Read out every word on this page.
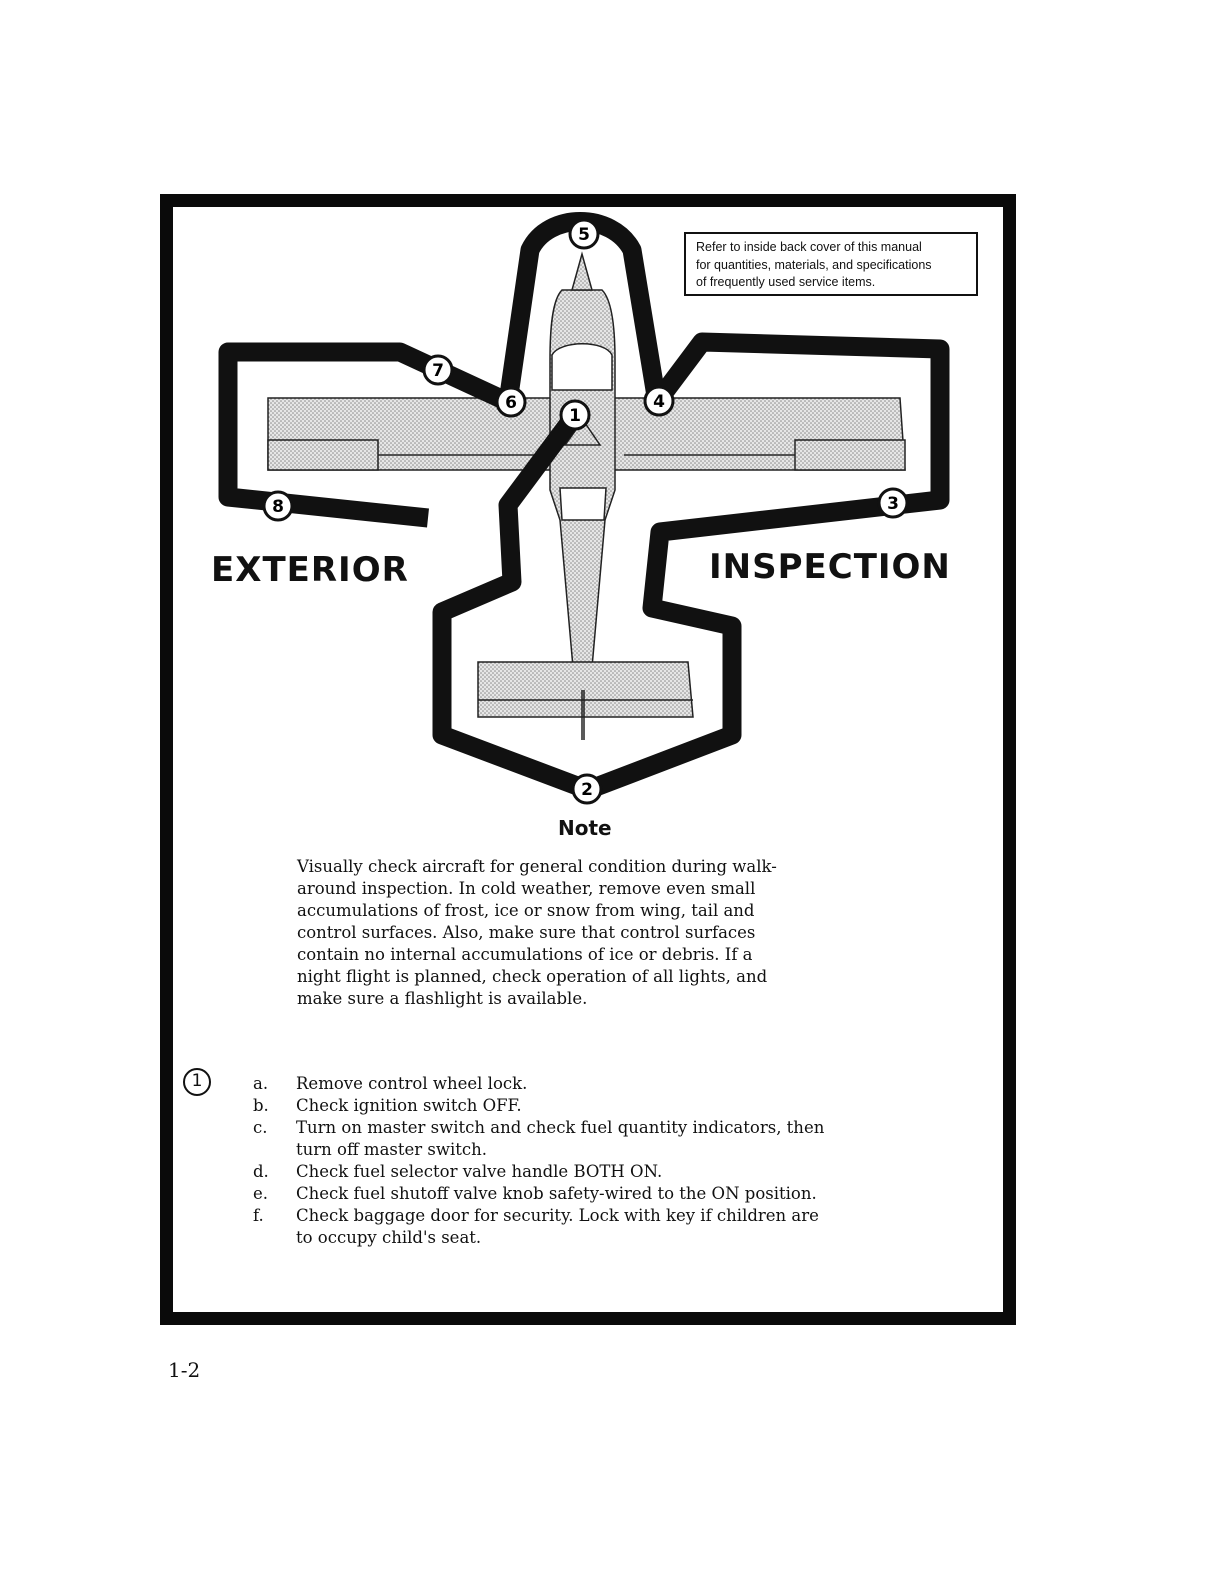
5
7
6
1
4
8	3
2
Refer to inside back cover of this manual
for quantities, materials, and specifications
of frequently used service items.
EXTERIOR	INSPECTION
Note
Visually check aircraft for general condition during walk-
around inspection. In cold weather, remove even small
accumulations of frost, ice or snow from wing, tail and
control surfaces. Also, make sure that control surfaces
contain no internal accumulations of ice or debris. If a
night flight is planned, check operation of all lights, and
make sure a flashlight is available.
1	a.	Remove control wheel lock.
b.	Check ignition switch OFF.
c.	Turn on master switch and check fuel quantity indicators, then
turn off master switch.
d.	Check fuel selector valve handle BOTH ON.
e.	Check fuel shutoff valve knob safety-wired to the ON position.
f.	Check baggage door for security. Lock with key if children are
to occupy child's seat.
1-2
